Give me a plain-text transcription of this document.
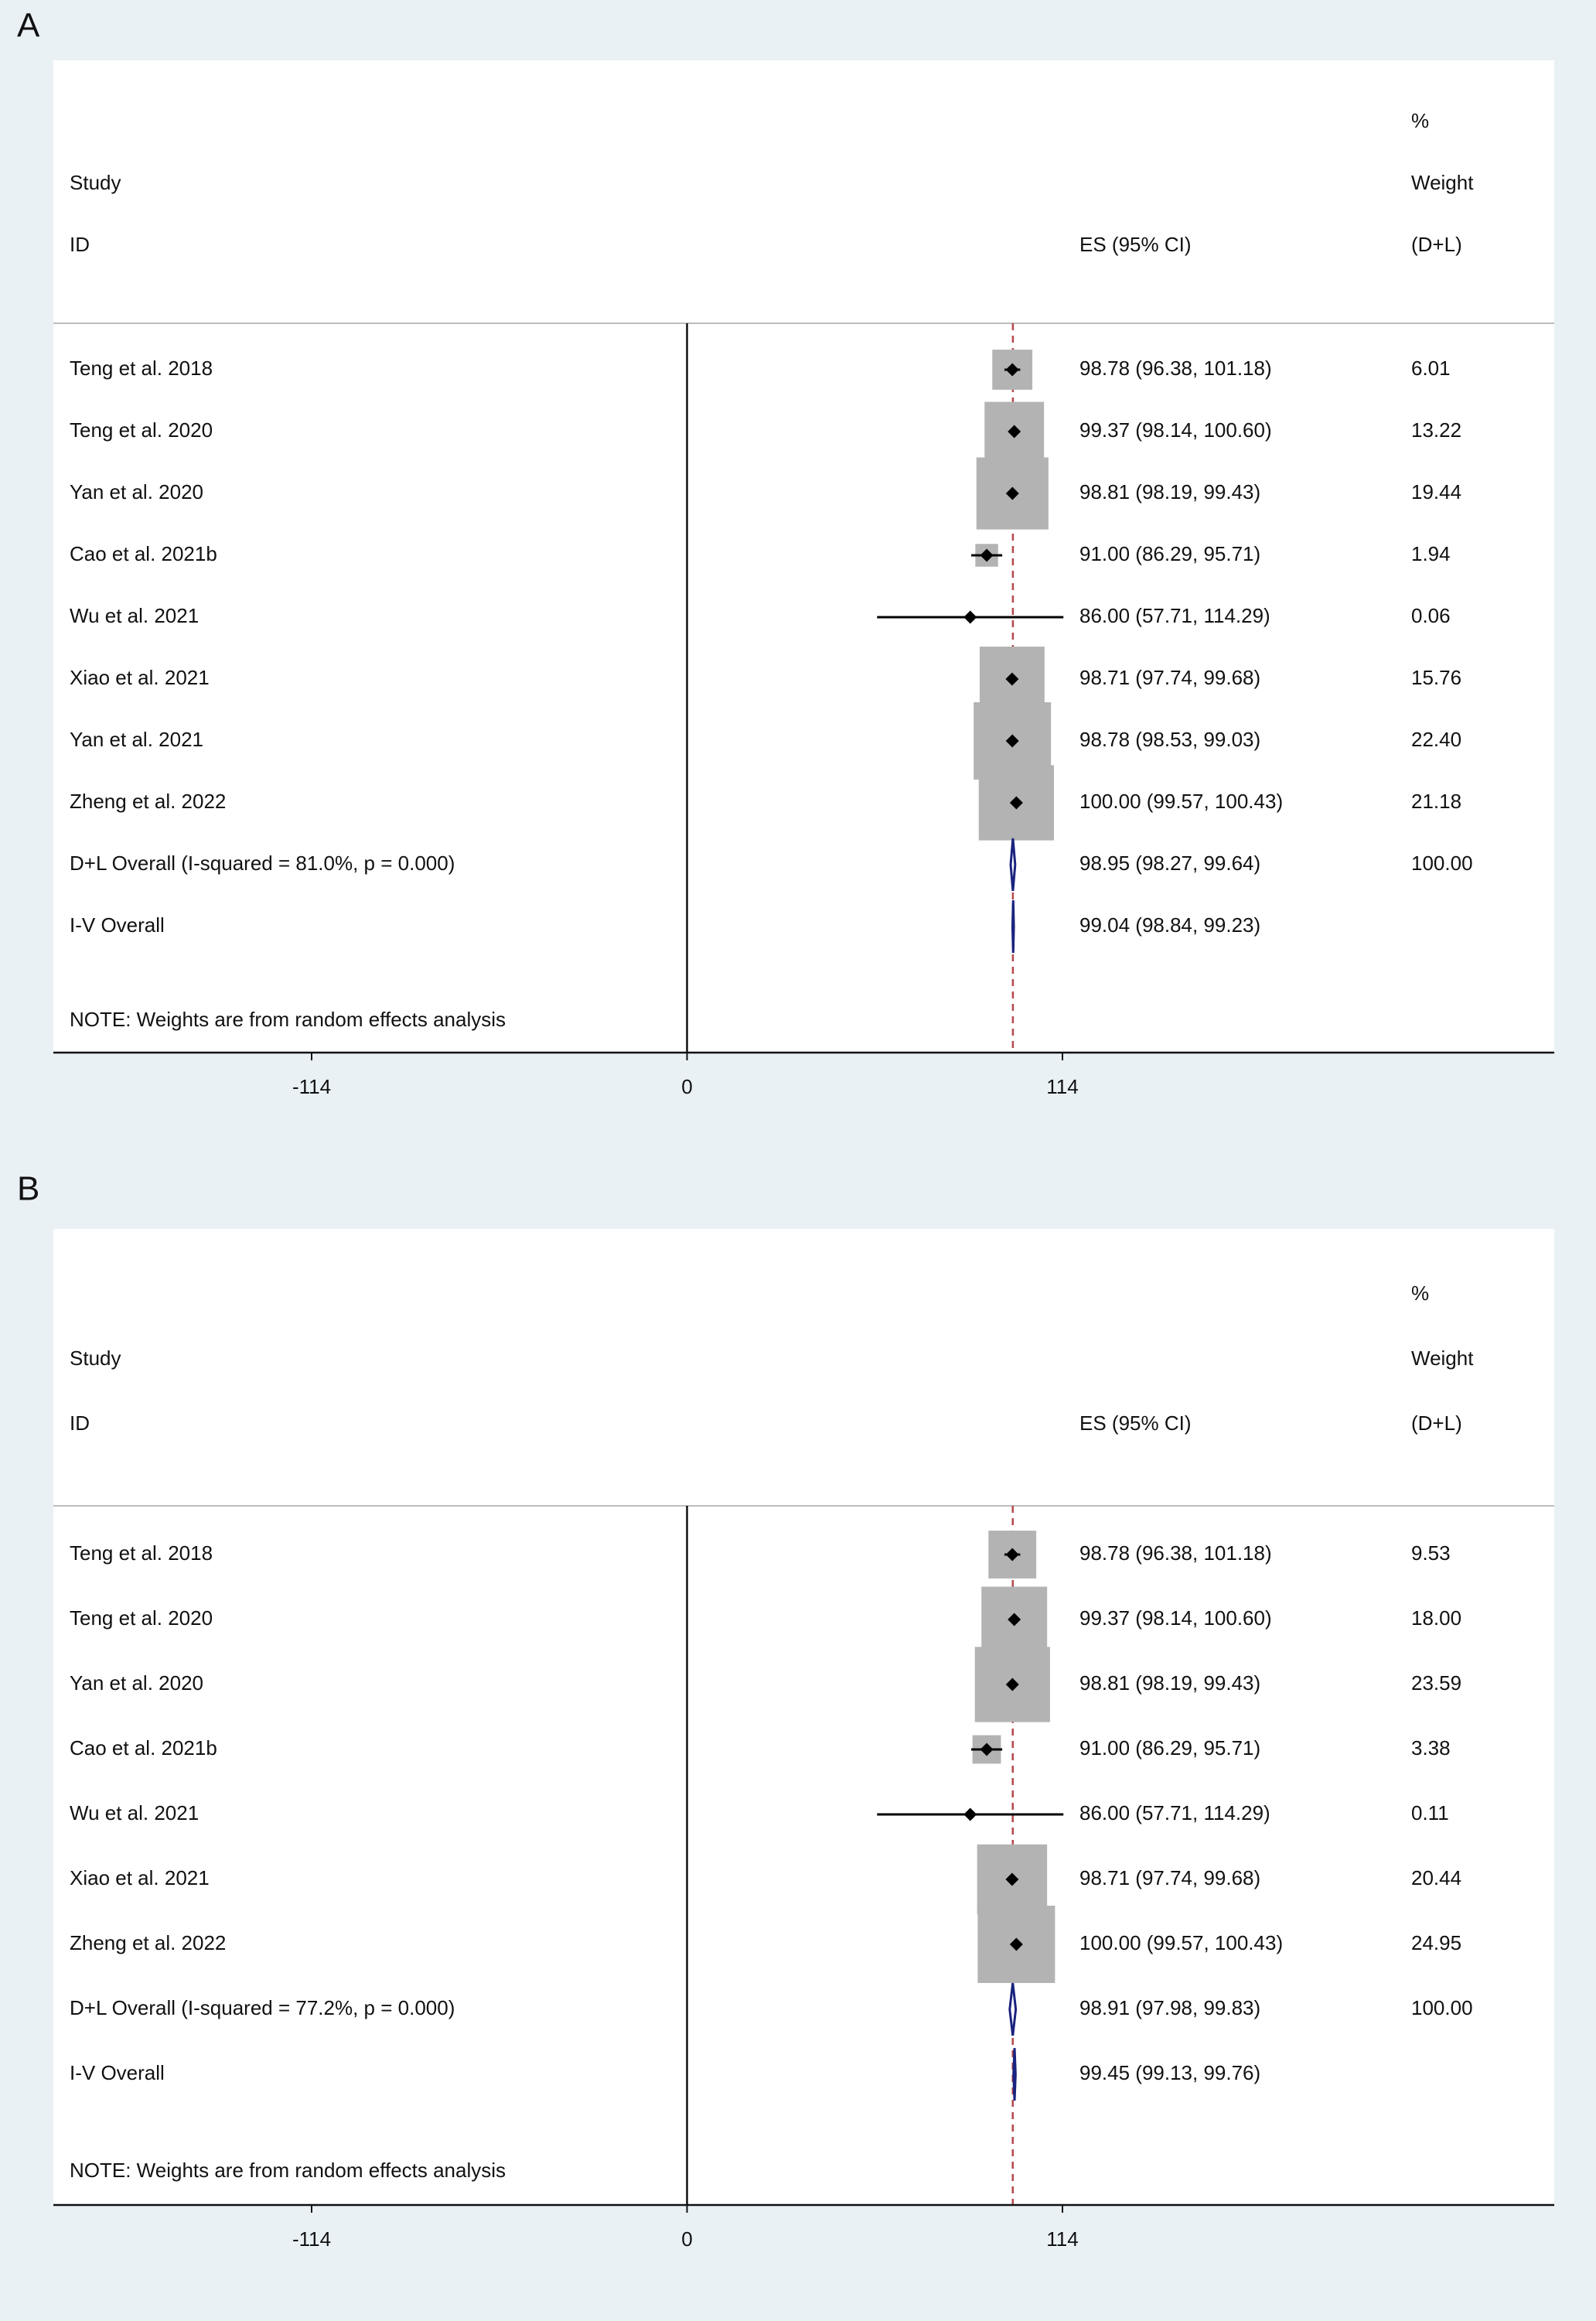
A
%
Study	Weight
ID	ES (95% CI)	(D+L)
Teng et al. 2018	98.78 (96.38, 101.18)	6.01
Teng et al. 2020	99.37 (98.14, 100.60)	13.22
Yan et al. 2020	98.81 (98.19, 99.43)	19.44
Cao et al. 2021b	91.00 (86.29, 95.71)	1.94
Wu et al. 2021	86.00 (57.71, 114.29)	0.06
Xiao et al. 2021	98.71 (97.74, 99.68)	15.76
Yan et al. 2021	98.78 (98.53, 99.03)	22.40
Zheng et al. 2022	100.00 (99.57, 100.43)	21.18
D+L Overall (I-squared = 81.0%, p = 0.000)	98.95 (98.27, 99.64)	100.00
I-V Overall	99.04 (98.84, 99.23)
NOTE: Weights are from random effects analysis
-114	0	114
B
%
Study	Weight
ID	ES (95% CI)	(D+L)
Teng et al. 2018	98.78 (96.38, 101.18)	9.53
Teng et al. 2020	99.37 (98.14, 100.60)	18.00
Yan et al. 2020	98.81 (98.19, 99.43)	23.59
Cao et al. 2021b	91.00 (86.29, 95.71)	3.38
Wu et al. 2021	86.00 (57.71, 114.29)	0.11
Xiao et al. 2021	98.71 (97.74, 99.68)	20.44
Zheng et al. 2022	100.00 (99.57, 100.43)	24.95
D+L Overall (I-squared = 77.2%, p = 0.000)	98.91 (97.98, 99.83)	100.00
I-V Overall	99.45 (99.13, 99.76)
NOTE: Weights are from random effects analysis
-114	0	114
